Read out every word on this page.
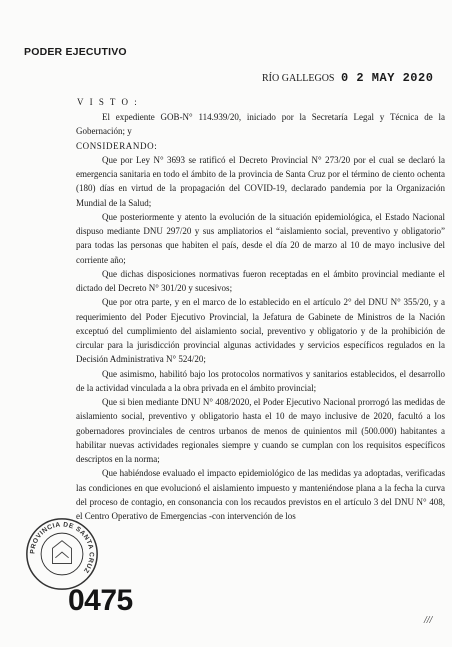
PODER EJECUTIVO
RÍO GALLEGOS 0 2 MAY 2020
V I S T O :

El expediente GOB-N° 114.939/20, iniciado por la Secretaría Legal y Técnica de la Gobernación; y

CONSIDERANDO:

Que por Ley N° 3693 se ratificó el Decreto Provincial N° 273/20 por el cual se declaró la emergencia sanitaria en todo el ámbito de la provincia de Santa Cruz por el término de ciento ochenta (180) días en virtud de la propagación del COVID-19, declarado pandemia por la Organización Mundial de la Salud;

Que posteriormente y atento la evolución de la situación epidemiológica, el Estado Nacional dispuso mediante DNU 297/20 y sus ampliatorios el “aislamiento social, preventivo y obligatorio” para todas las personas que habiten el país, desde el día 20 de marzo al 10 de mayo inclusive del corriente año;

Que dichas disposiciones normativas fueron receptadas en el ámbito provincial mediante el dictado del Decreto N° 301/20 y sucesivos;

Que por otra parte, y en el marco de lo establecido en el artículo 2° del DNU N° 355/20, y a requerimiento del Poder Ejecutivo Provincial, la Jefatura de Gabinete de Ministros de la Nación exceptuó del cumplimiento del aislamiento social, preventivo y obligatorio y de la prohibición de circular para la jurisdicción provincial algunas actividades y servicios específicos regulados en la Decisión Administrativa N° 524/20;

Que asimismo, habilitó bajo los protocolos normativos y sanitarios establecidos, el desarrollo de la actividad vinculada a la obra privada en el ámbito provincial;

Que si bien mediante DNU N° 408/2020, el Poder Ejecutivo Nacional prorrogó las medidas de aislamiento social, preventivo y obligatorio hasta el 10 de mayo inclusive de 2020, facultó a los gobernadores provinciales de centros urbanos de menos de quinientos mil (500.000) habitantes a habilitar nuevas actividades regionales siempre y cuando se cumplan con los requisitos específicos descriptos en la norma;

Que habiéndose evaluado el impacto epidemiológico de las medidas ya adoptadas, verificadas las condiciones en que evolucionó el aislamiento impuesto y manteniéndose plana a la fecha la curva del proceso de contagio, en consonancia con los recaudos previstos en el artículo 3 del DNU N° 408, el Centro Operativo de Emergencias -con intervención de los

PROVINCIA DE SANTA CRUZ
0475
///
